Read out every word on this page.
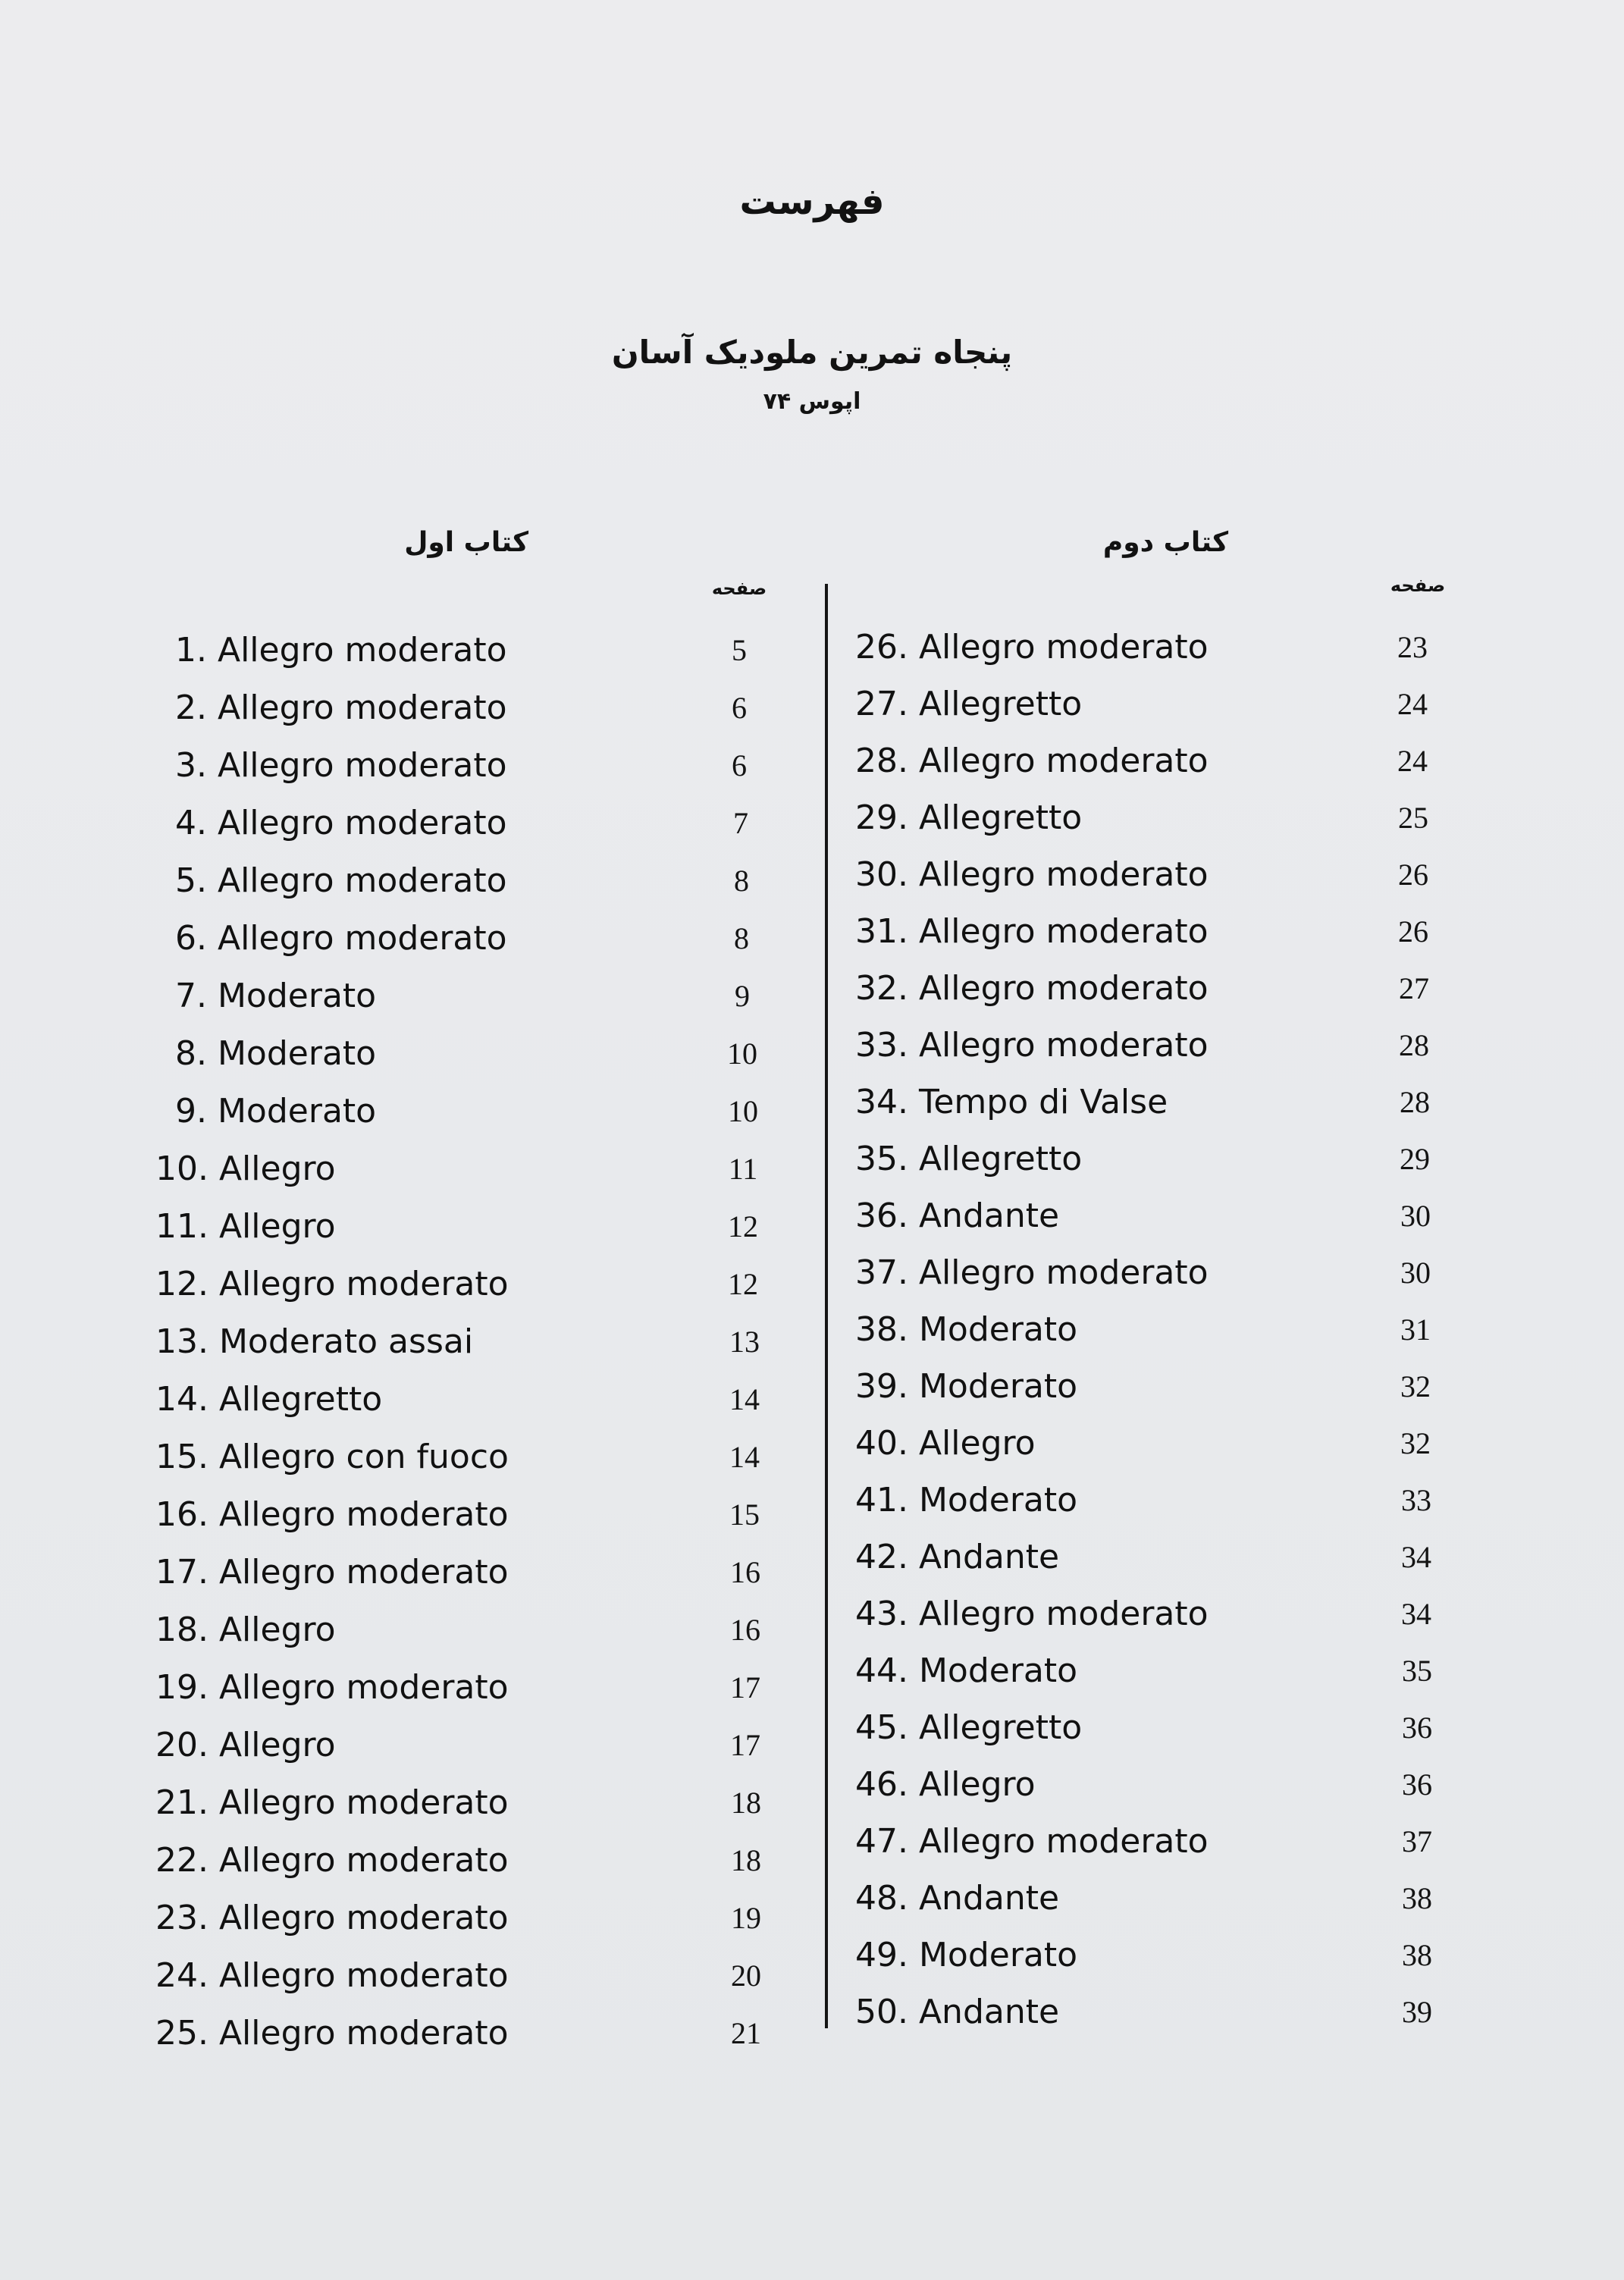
فهرست
پنجاه تمرین ملودیک آسان
اپوس ۷۴
کتاب اول
صفحه
کتاب دوم
صفحه
1. Allegro moderato	5
2. Allegro moderato	6
3. Allegro moderato	6
4. Allegro moderato	7
5. Allegro moderato	8
6. Allegro moderato	8
7. Moderato	9
8. Moderato	10
9. Moderato	10
10. Allegro	11
11. Allegro	12
12. Allegro moderato	12
13. Moderato assai	13
14. Allegretto	14
15. Allegro con fuoco	14
16. Allegro moderato	15
17. Allegro moderato	16
18. Allegro	16
19. Allegro moderato	17
20. Allegro	17
21. Allegro moderato	18
22. Allegro moderato	18
23. Allegro moderato	19
24. Allegro moderato	20
25. Allegro moderato	21
26. Allegro moderato	23
27. Allegretto	24
28. Allegro moderato	24
29. Allegretto	25
30. Allegro moderato	26
31. Allegro moderato	26
32. Allegro moderato	27
33. Allegro moderato	28
34. Tempo di Valse	28
35. Allegretto	29
36. Andante	30
37. Allegro moderato	30
38. Moderato	31
39. Moderato	32
40. Allegro	32
41. Moderato	33
42. Andante	34
43. Allegro moderato	34
44. Moderato	35
45. Allegretto	36
46. Allegro	36
47. Allegro moderato	37
48. Andante	38
49. Moderato	38
50. Andante	39
